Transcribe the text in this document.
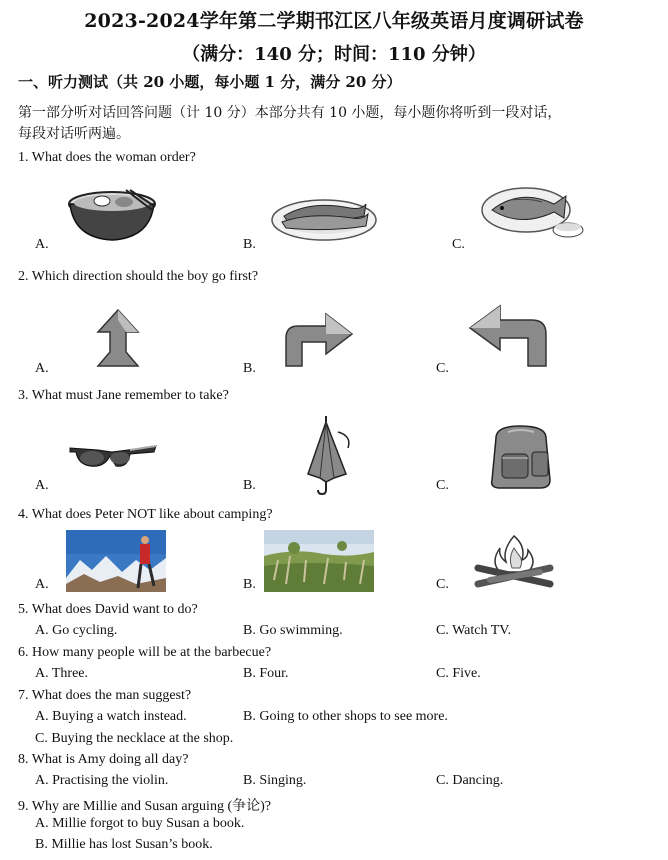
2023-2024学年第二学期邗江区八年级英语月度调研试卷
（满分：140 分；时间：110 分钟）
一、听力测试（共 20 小题，每小题 1 分，满分 20 分）
第一部分听对话回答问题（计 10 分）本部分共有 10 小题，每小题你将听到一段对话，
每段对话听两遍。
1. What does the woman order?
A.	B.	C.
2. Which direction should the boy go first?
A.	B.	C.
3. What must Jane remember to take?
A.	B.	C.
4. What does Peter NOT like about camping?
A.	B.	C.
5. What does David want to do?
A. Go cycling.	B. Go swimming.	C. Watch TV.
6. How many people will be at the barbecue?
A. Three.	B. Four.	C. Five.
7. What does the man suggest?
A. Buying a watch instead.	B. Going to other shops to see more.
C. Buying the necklace at the shop.
8. What is Amy doing all day?
A. Practising the violin.	B. Singing.	C. Dancing.
9. Why are Millie and Susan arguing (争论)?
A. Millie forgot to buy Susan a book.
B. Millie has lost Susan’s book.
